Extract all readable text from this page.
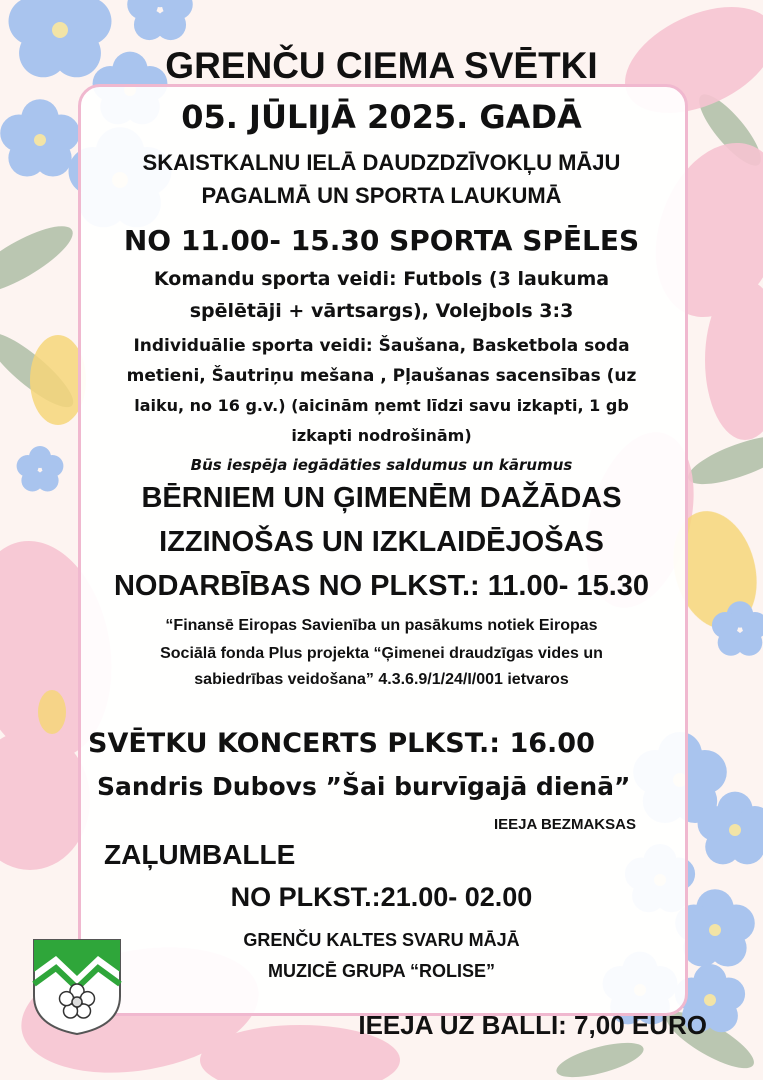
GRENČU CIEMA SVĒTKI
05. JŪLIJĀ 2025. GADĀ
SKAISTKALNU IELĀ DAUDZDZĪVOKĻU MĀJU
PAGALMĀ UN SPORTA LAUKUMĀ
NO 11.00- 15.30 SPORTA SPĒLES
Komandu sporta veidi: Futbols (3 laukuma
spēlētāji + vārtsargs), Volejbols 3:3
Individuālie sporta veidi: Šaušana, Basketbola soda
metieni, Šautriņu mešana , Pļaušanas sacensības (uz
laiku, no 16 g.v.) (aicinām ņemt līdzi savu izkapti, 1 gb
izkapti nodrošinām)
Būs iespēja iegādāties saldumus un kārumus
BĒRNIEM UN ĢIMENĒM DAŽĀDAS
IZZINOŠAS UN IZKLAIDĒJOŠAS
NODARBĪBAS NO PLKST.: 11.00- 15.30
“Finansē Eiropas Savienība un pasākums notiek Eiropas
Sociālā fonda Plus projekta “Ģimenei draudzīgas vides un
sabiedrības veidošana” 4.3.6.9/1/24/I/001 ietvaros
SVĒTKU KONCERTS PLKST.: 16.00
Sandris Dubovs ”Šai burvīgajā dienā”
IEEJA BEZMAKSAS
ZAĻUMBALLE
NO PLKST.:21.00- 02.00
GRENČU KALTES SVARU MĀJĀ
MUZICĒ GRUPA “ROLISE”
IEEJA UZ BALLI: 7,00 EURO
